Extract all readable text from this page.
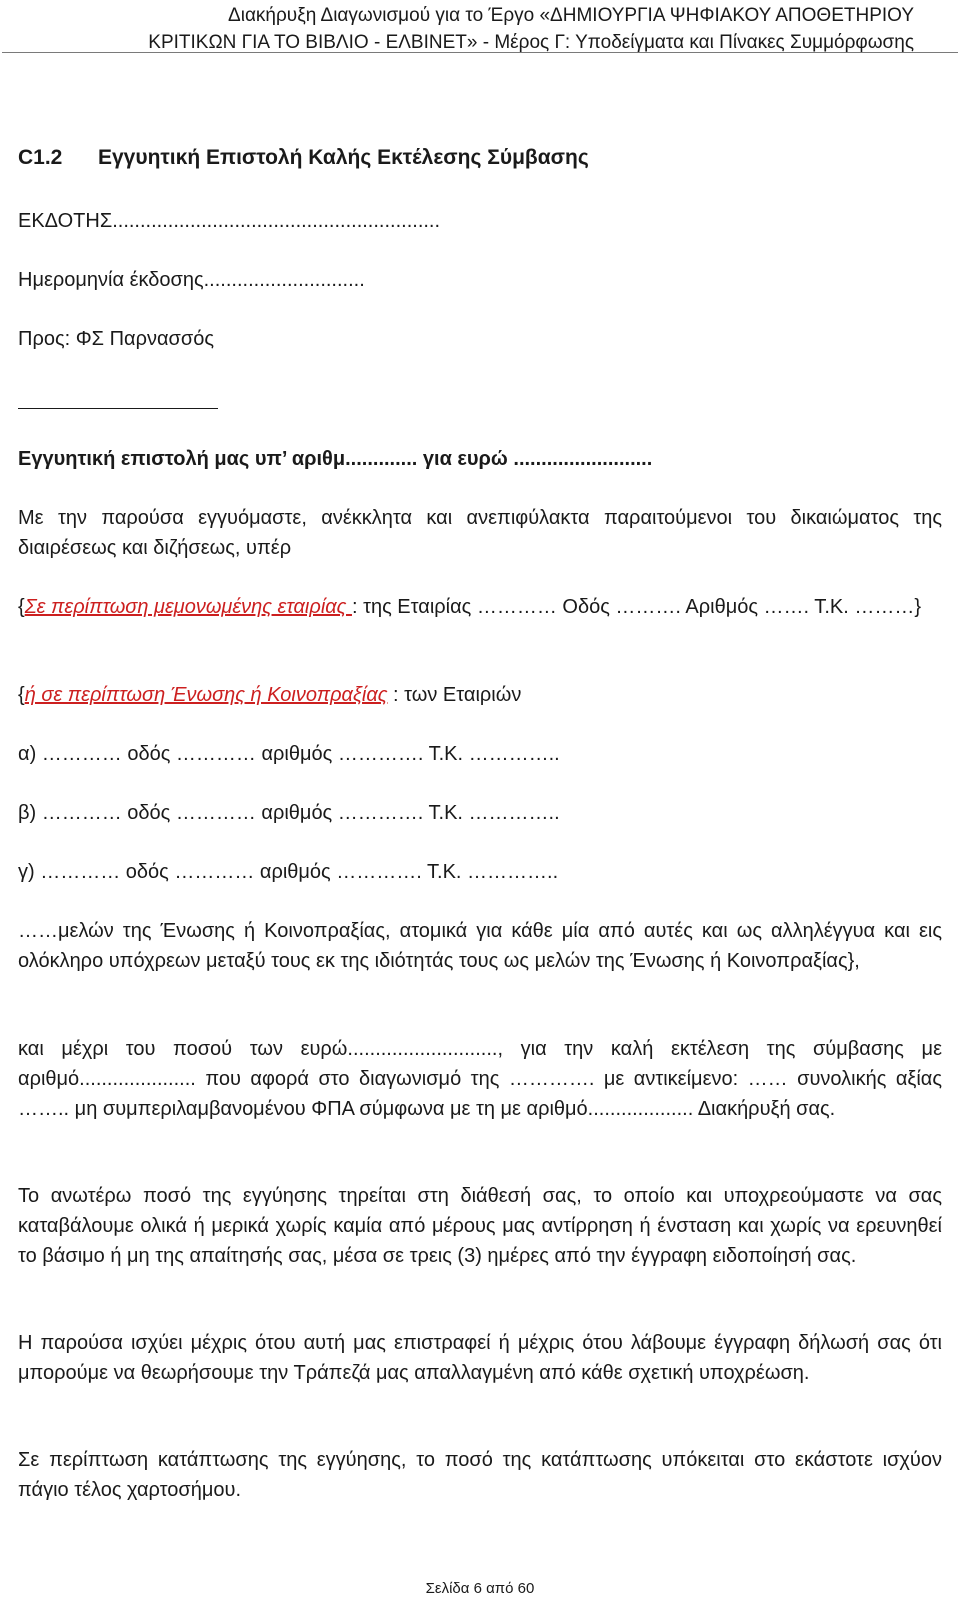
Διακήρυξη Διαγωνισμού για το Έργο «ΔΗΜΙΟΥΡΓΙΑ ΨΗΦΙΑΚΟΥ ΑΠΟΘΕΤΗΡΙΟΥ
ΚΡΙΤΙΚΩΝ ΓΙΑ ΤΟ ΒΙΒΛΙΟ - ΕΛΒΙΝΕΤ» - Μέρος Γ: Υποδείγματα και Πίνακες Συμμόρφωσης
C1.2 Εγγυητική Επιστολή Καλής Εκτέλεσης Σύμβασης
ΕΚΔΟΤΗΣ...........................................................
Ημερομηνία έκδοσης.............................
Προς: ΦΣ Παρνασσός
Εγγυητική επιστολή μας υπ’ αριθμ............. για ευρώ .........................
Με την παρούσα εγγυόμαστε, ανέκκλητα και ανεπιφύλακτα παραιτούμενοι του δικαιώματος της διαιρέσεως και διζήσεως, υπέρ
{Σε περίπτωση μεμονωμένης εταιρίας : της Εταιρίας ………… Οδός ………. Αριθμός ……. Τ.Κ. ………}
{ή σε περίπτωση Ένωσης ή Κοινοπραξίας : των Εταιριών
α) ………… οδός ………… αριθμός …………. Τ.Κ. …………..
β) ………… οδός ………… αριθμός …………. Τ.Κ. …………..
γ) ………… οδός ………… αριθμός …………. Τ.Κ. …………..
……μελών της Ένωσης ή Κοινοπραξίας, ατομικά για κάθε μία από αυτές και ως αλληλέγγυα και εις ολόκληρο υπόχρεων μεταξύ τους εκ της ιδιότητάς τους ως μελών της Ένωσης ή Κοινοπραξίας},
και μέχρι του ποσού των ευρώ..........................., για την καλή εκτέλεση της σύμβασης με αριθμό..................... που αφορά στο διαγωνισμό της …………. με αντικείμενο: …… συνολικής αξίας …….. μη συμπεριλαμβανομένου ΦΠΑ σύμφωνα με τη με αριθμό................... Διακήρυξή σας.
Το ανωτέρω ποσό της εγγύησης τηρείται στη διάθεσή σας, το οποίο και υποχρεούμαστε να σας καταβάλουμε ολικά ή μερικά χωρίς καμία από μέρους μας αντίρρηση ή ένσταση και χωρίς να ερευνηθεί το βάσιμο ή μη της απαίτησής σας, μέσα σε τρεις (3) ημέρες από την έγγραφη ειδοποίησή σας.
Η παρούσα ισχύει μέχρις ότου αυτή μας επιστραφεί ή μέχρις ότου λάβουμε έγγραφη δήλωσή σας ότι μπορούμε να θεωρήσουμε την Τράπεζά μας απαλλαγμένη από κάθε σχετική υποχρέωση.
Σε περίπτωση κατάπτωσης της εγγύησης, το ποσό της κατάπτωσης υπόκειται στο εκάστοτε ισχύον πάγιο τέλος χαρτοσήμου.
Σελίδα 6 από 60
